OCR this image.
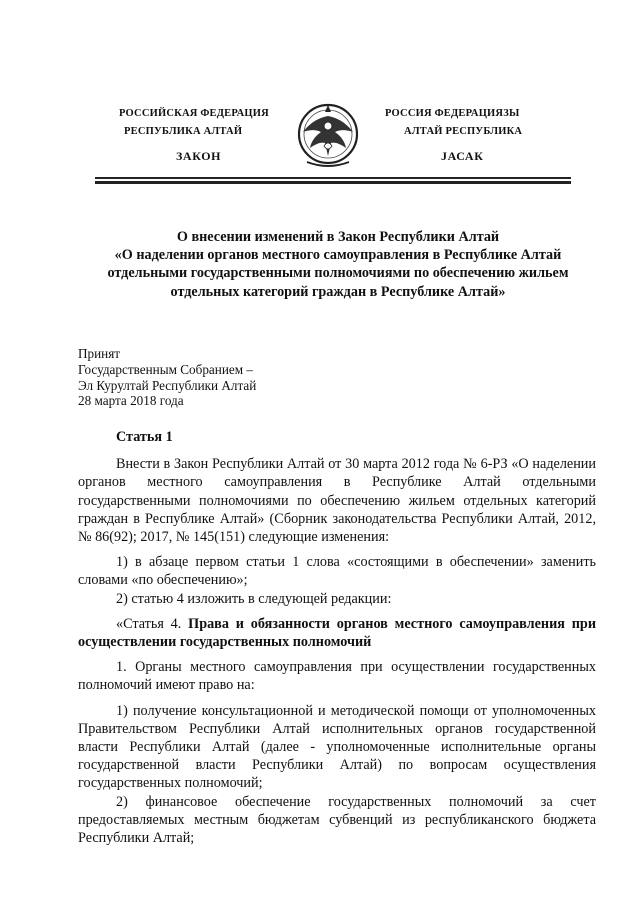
РОССИЙСКАЯ ФЕДЕРАЦИЯ
РЕСПУБЛИКА АЛТАЙ
ЗАКОН
РОССИЯ ФЕДЕРАЦИЯЗЫ
АЛТАЙ РЕСПУБЛИКА
JАСАК
О внесении изменений в Закон Республики Алтай
«О наделении органов местного самоуправления в Республике Алтай
отдельными государственными полномочиями по обеспечению жильем
отдельных категорий граждан в Республике Алтай»
Принят
Государственным Собранием –
Эл Курултай Республики Алтай
28 марта 2018 года

Статья 1

Внести в Закон Республики Алтай от 30 марта 2012 года № 6-РЗ «О наделении органов местного самоуправления в Республике Алтай отдельными государственными полномочиями по обеспечению жильем отдельных категорий граждан в Республике Алтай» (Сборник законодательства Республики Алтай, 2012, № 86(92); 2017, № 145(151) следующие изменения:

1) в абзаце первом статьи 1 слова «состоящими в обеспечении» заменить словами «по обеспечению»;

2) статью 4 изложить в следующей редакции:

«Статья 4. Права и обязанности органов местного самоуправления при осуществлении государственных полномочий

1. Органы местного самоуправления при осуществлении государственных полномочий имеют право на:

1) получение консультационной и методической помощи от уполномоченных Правительством Республики Алтай исполнительных органов государственной власти Республики Алтай (далее - уполномоченные исполнительные органы государственной власти Республики Алтай) по вопросам осуществления государственных полномочий;

2) финансовое обеспечение государственных полномочий за счет предоставляемых местным бюджетам субвенций из республиканского бюджета Республики Алтай;
